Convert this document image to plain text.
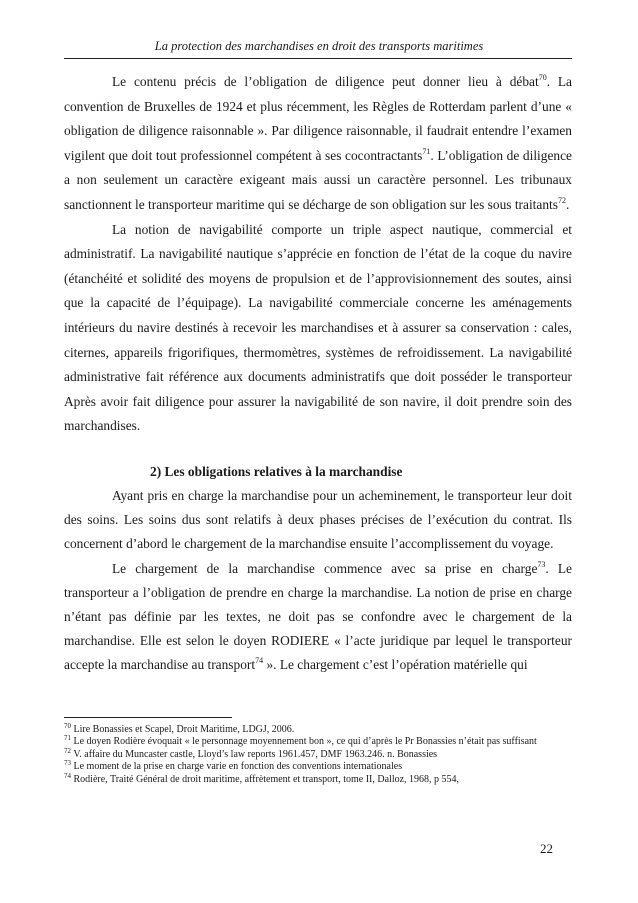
La protection des marchandises en droit des transports maritimes

Le contenu précis de l’obligation de diligence peut donner lieu à débat$^{70}$. La convention de Bruxelles de 1924 et plus récemment, les Règles de Rotterdam parlent d’une « obligation de diligence raisonnable ». Par diligence raisonnable, il faudrait entendre l’examen vigilent que doit tout professionnel compétent à ses cocontractants$^{71}$. L’obligation de diligence a non seulement un caractère exigeant mais aussi un caractère personnel. Les tribunaux sanctionnent le transporteur maritime qui se décharge de son obligation sur les sous traitants$^{72}$.

La notion de navigabilité comporte un triple aspect nautique, commercial et administratif. La navigabilité nautique s’apprécie en fonction de l’état de la coque du navire (étanchéité et solidité des moyens de propulsion et de l’approvisionnement des soutes, ainsi que la capacité de l’équipage). La navigabilité commerciale concerne les aménagements intérieurs du navire destinés à recevoir les marchandises et à assurer sa conservation : cales, citernes, appareils frigorifiques, thermomètres, systèmes de refroidissement. La navigabilité administrative fait référence aux documents administratifs que doit posséder le transporteur Après avoir fait diligence pour assurer la navigabilité de son navire, il doit prendre soin des marchandises.

2) Les obligations relatives à la marchandise

Ayant pris en charge la marchandise pour un acheminement, le transporteur leur doit des soins. Les soins dus sont relatifs à deux phases précises de l’exécution du contrat. Ils concernent d’abord le chargement de la marchandise ensuite l’accomplissement du voyage.

Le chargement de la marchandise commence avec sa prise en charge$^{73}$. Le transporteur a l’obligation de prendre en charge la marchandise. La notion de prise en charge n’étant pas définie par les textes, ne doit pas se confondre avec le chargement de la marchandise. Elle est selon le doyen RODIERE « l’acte juridique par lequel le transporteur accepte la marchandise au transport$^{74}$ ». Le chargement c’est l’opération matérielle qui

$^{70}$ Lire Bonassies et Scapel, Droit Maritime, LDGJ, 2006.
$^{71}$ Le doyen Rodière évoquait « le personnage moyennement bon », ce qui d’après le Pr Bonassies n’était pas suffisant
$^{72}$ V. affaire du Muncaster castle, Lloyd’s law reports 1961.457, DMF 1963.246. n. Bonassies
$^{73}$ Le moment de la prise en charge varie en fonction des conventions internationales
$^{74}$ Rodière, Traité Général de droit maritime, affrètement et transport, tome II, Dalloz, 1968, p 554,
22
